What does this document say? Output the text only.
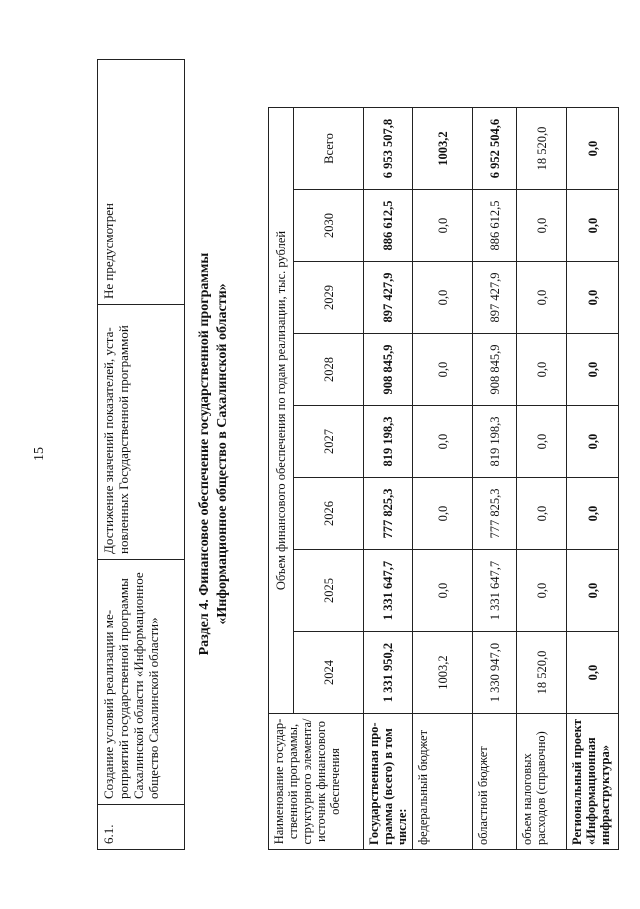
15
6.1.	Создание условий реализации мероприятий государственной программы Сахалинской области «Информационное общество Сахалинской области»	Достижение значений показателей, установленных Государственной программой	Не предусмотрен
Раздел 4. Финансовое обеспечение государственной программы «Информационное общество в Сахалинской области»
Наименование государственной программы, структурного элемента/источник финансового обеспечения	Объем финансового обеспечения по годам реализации, тыс. рублей							
	2024	2025	2026	2027	2028	2029	2030	Всего
Государственная программа (всего) в том числе:	1 331 950,2	1 331 647,7	777 825,3	819 198,3	908 845,9	897 427,9	886 612,5	6 953 507,8
федеральный бюджет	1003,2	0,0	0,0	0,0	0,0	0,0	0,0	1003,2
областной бюджет	1 330 947,0	1 331 647,7	777 825,3	819 198,3	908 845,9	897 427,9	886 612,5	6 952 504,6
объем налоговых расходов (справочно)	18 520,0	0,0	0,0	0,0	0,0	0,0	0,0	18 520,0
Региональный проект «Информационная инфраструктура»	0,0	0,0	0,0	0,0	0,0	0,0	0,0	0,0
